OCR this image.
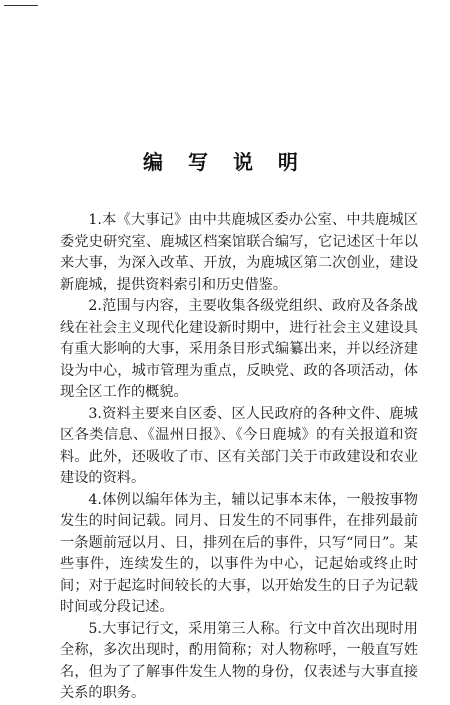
编 写 说 明

1.本《大事记》由中共鹿城区委办公室、中共鹿城区委党史研究室、鹿城区档案馆联合编写，它记述区十年以来大事，为深入改革、开放，为鹿城区第二次创业，建设新鹿城，提供资料索引和历史借鉴。

2.范围与内容，主要收集各级党组织、政府及各条战线在社会主义现代化建设新时期中，进行社会主义建设具有重大影响的大事，采用条目形式编纂出来，并以经济建设为中心，城市管理为重点，反映党、政的各项活动，体现全区工作的概貌。

3.资料主要来自区委、区人民政府的各种文件、鹿城区各类信息、《温州日报》、《今日鹿城》的有关报道和资料。此外，还吸收了市、区有关部门关于市政建设和农业建设的资料。

4.体例以编年体为主，辅以记事本末体，一般按事物发生的时间记载。同月、日发生的不同事件，在排列最前一条题前冠以月、日，排列在后的事件，只写“同日”。某些事件，连续发生的，以事件为中心，记起始或终止时间；对于起迄时间较长的大事，以开始发生的日子为记载时间或分段记述。

5.大事记行文，采用第三人称。行文中首次出现时用全称，多次出现时，酌用简称；对人物称呼，一般直写姓名，但为了了解事件发生人物的身份，仅表述与大事直接关系的职务。
